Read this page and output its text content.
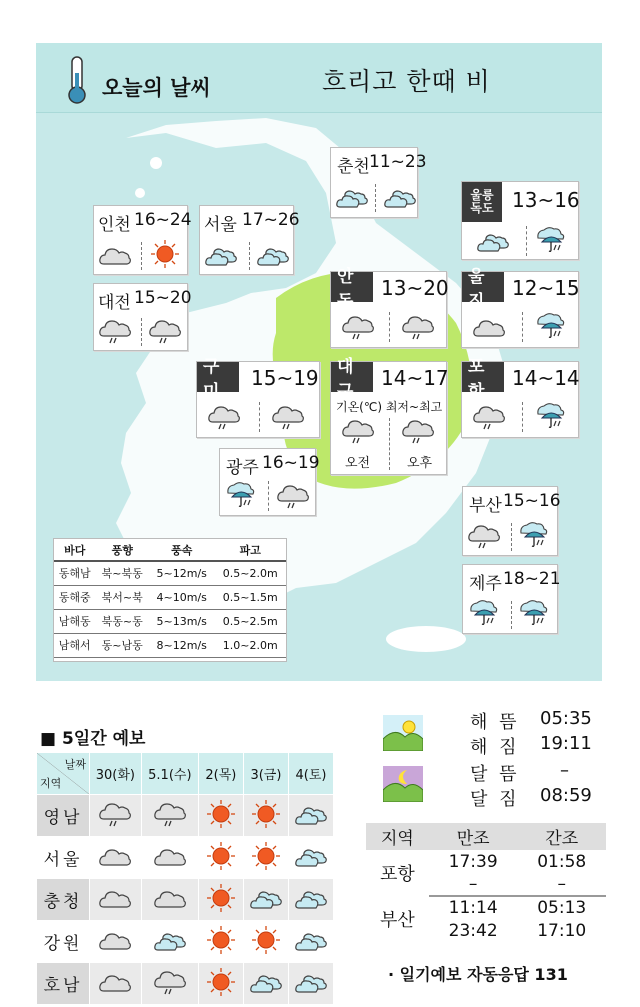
오늘의 날씨	흐리고 한때 비
춘천 11~23
인천 16~24 서울 17~26
울릉
독도 13~16
대전 15~20
안동
13~20	울진
12~15
구미
15~19	대구
14~17
기온(℃) 최저~최고
오전	오후
포항
14~14
광주 16~19
부산 15~16
제주 18~21
바다	풍향	풍속	파고
동해남	북~북동	5~12m/s	0.5~2.0m
동해중	북서~북	4~10m/s	0.5~1.5m
남해동	북동~동	5~13m/s	0.5~2.5m
남해서	동~남동	8~12m/s	1.0~2.0m
■ 5일간 예보
날짜
지역	30(화)	5.1(수)	2(목)	3(금)	4(토)
영남					
서울					
충청					
강원					
호남					
해 뜸 05:35
해 짐 19:11
달 뜸 –
달 짐 08:59
지역	만조	간조
포항	17:39	01:58
	–	–
부산	11:14	05:13
	23:42	17:10
· 일기예보 자동응답 131
